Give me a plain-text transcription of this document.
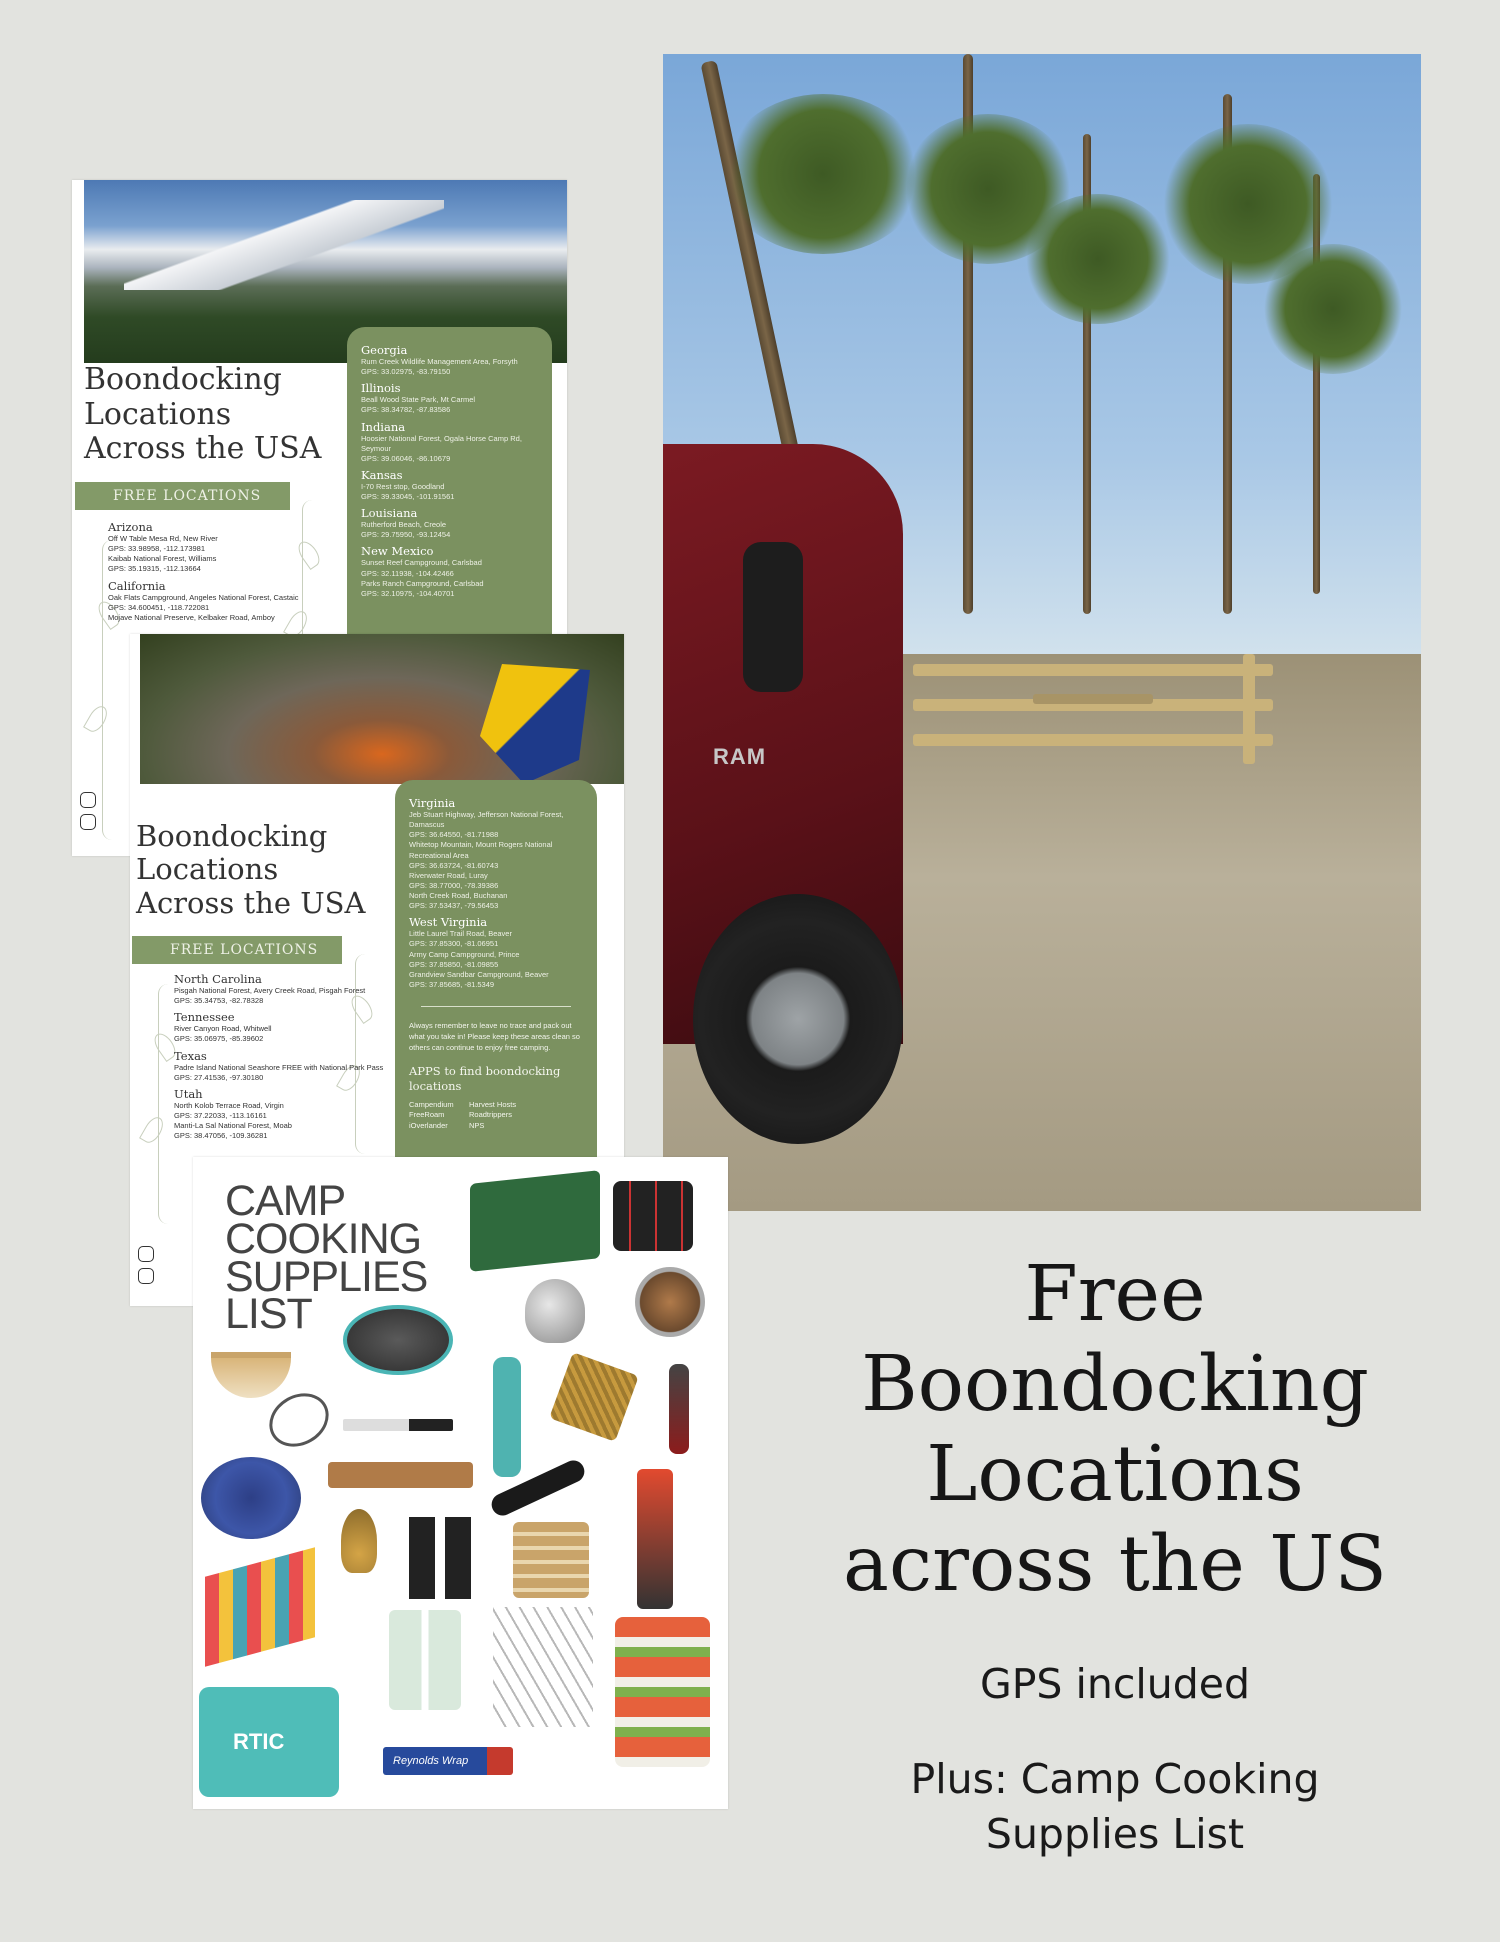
RAM
Boondocking
Locations
Across the USA
FREE LOCATIONS
Arizona
Off W Table Mesa Rd, New River
GPS: 33.98958, -112.173981
Kaibab National Forest, Williams
GPS: 35.19315, -112.13664
California
Oak Flats Campground, Angeles National Forest, Castaic
GPS: 34.600451, -118.722081
Mojave National Preserve, Kelbaker Road, Amboy
Georgia
Rum Creek Wildlife Management Area, Forsyth
GPS: 33.02975, -83.79150
Illinois
Beall Wood State Park, Mt Carmel
GPS: 38.34782, -87.83586
Indiana
Hoosier National Forest, Ogala Horse Camp Rd,
Seymour
GPS: 39.06046, -86.10679
Kansas
I-70 Rest stop, Goodland
GPS: 39.33045, -101.91561
Louisiana
Rutherford Beach, Creole
GPS: 29.75950, -93.12454
New Mexico
Sunset Reef Campground, Carlsbad
GPS: 32.11938, -104.42466
Parks Ranch Campground, Carlsbad
GPS: 32.10975, -104.40701
Boondocking
Locations
Across the USA
FREE LOCATIONS
North Carolina
Pisgah National Forest, Avery Creek Road, Pisgah Forest
GPS: 35.34753, -82.78328
Tennessee
River Canyon Road, Whitwell
GPS: 35.06975, -85.39602
Texas
Padre Island National Seashore FREE with National Park Pass
GPS: 27.41536, -97.30180
Utah
North Kolob Terrace Road, Virgin
GPS: 37.22033, -113.16161
Manti-La Sal National Forest, Moab
GPS: 38.47056, -109.36281
Virginia
Jeb Stuart Highway, Jefferson National Forest,
Damascus
GPS: 36.64550, -81.71988
Whitetop Mountain, Mount Rogers National
Recreational Area
GPS: 36.63724, -81.60743
Riverwater Road, Luray
GPS: 38.77000, -78.39386
North Creek Road, Buchanan
GPS: 37.53437, -79.56453
West Virginia
Little Laurel Trail Road, Beaver
GPS: 37.85300, -81.06951
Army Camp Campground, Prince
GPS: 37.85850, -81.09855
Grandview Sandbar Campground, Beaver
GPS: 37.85685, -81.5349
Always remember to leave no trace and pack out what you take in! Please keep these areas clean so others can continue to enjoy free camping.
APPS to find boondocking locations
Campendium	Harvest Hosts
FreeRoam	Roadtrippers
iOverlander	NPS
CAMP
COOKING
SUPPLIES
LIST
RTIC
Reynolds Wrap
Free
Boondocking
Locations
across the US
GPS included
Plus: Camp Cooking
Supplies List
